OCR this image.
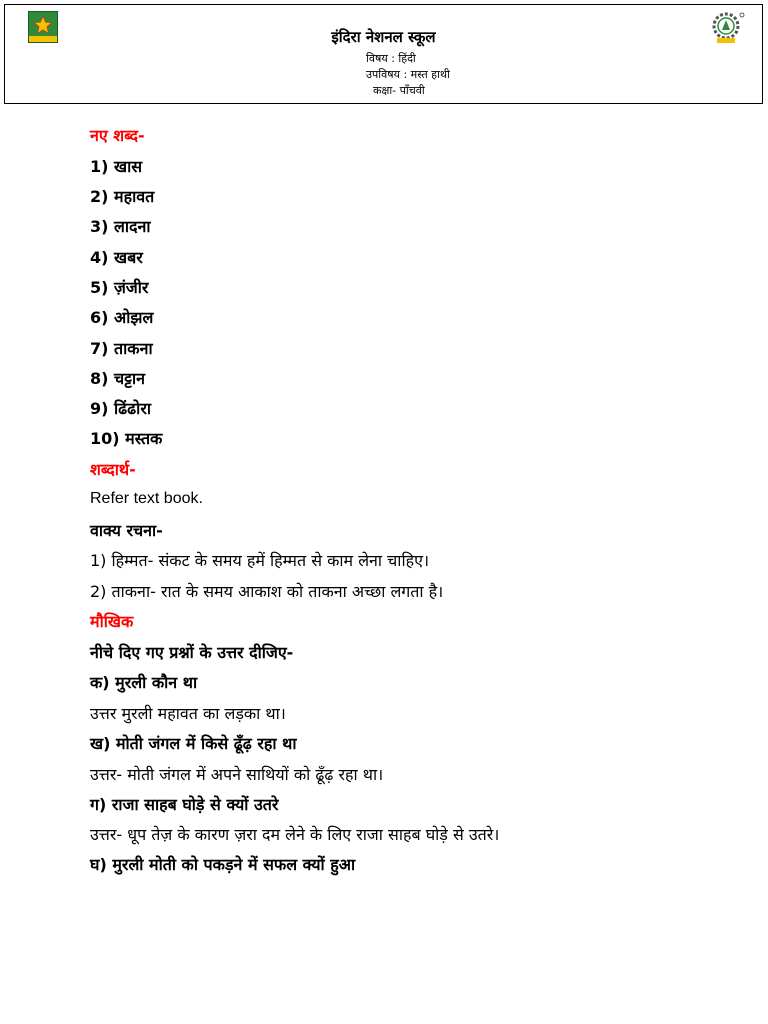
इंदिरा नेशनल स्कूल
विषय : हिंदी
उपविषय : मस्त हाथी
कक्षा- पाँचवी
नए शब्द-
1) खास
2) महावत
3) लादना
4) खबर
5) ज़ंजीर
6) ओझल
7) ताकना
8) चट्टान
9) ढिंढोरा
10) मस्तक
शब्दार्थ-
Refer text book.
वाक्य रचना-
1) हिम्मत- संकट के समय हमें हिम्मत से काम लेना चाहिए।
2) ताकना- रात के समय आकाश को ताकना अच्छा लगता है।
मौखिक
नीचे दिए गए प्रश्नों के उत्तर दीजिए-
क) मुरली कौन था
उत्तर मुरली महावत का लड़का था।
ख) मोती जंगल में किसे ढूँढ़ रहा था
उत्तर- मोती जंगल में अपने साथियों को ढूँढ़ रहा था।
ग) राजा साहब घोड़े से क्यों उतरे
उत्तर- धूप तेज़ के कारण ज़रा दम लेने के लिए राजा साहब घोड़े से उतरे।
घ) मुरली मोती को पकड़ने में सफल क्यों हुआ
